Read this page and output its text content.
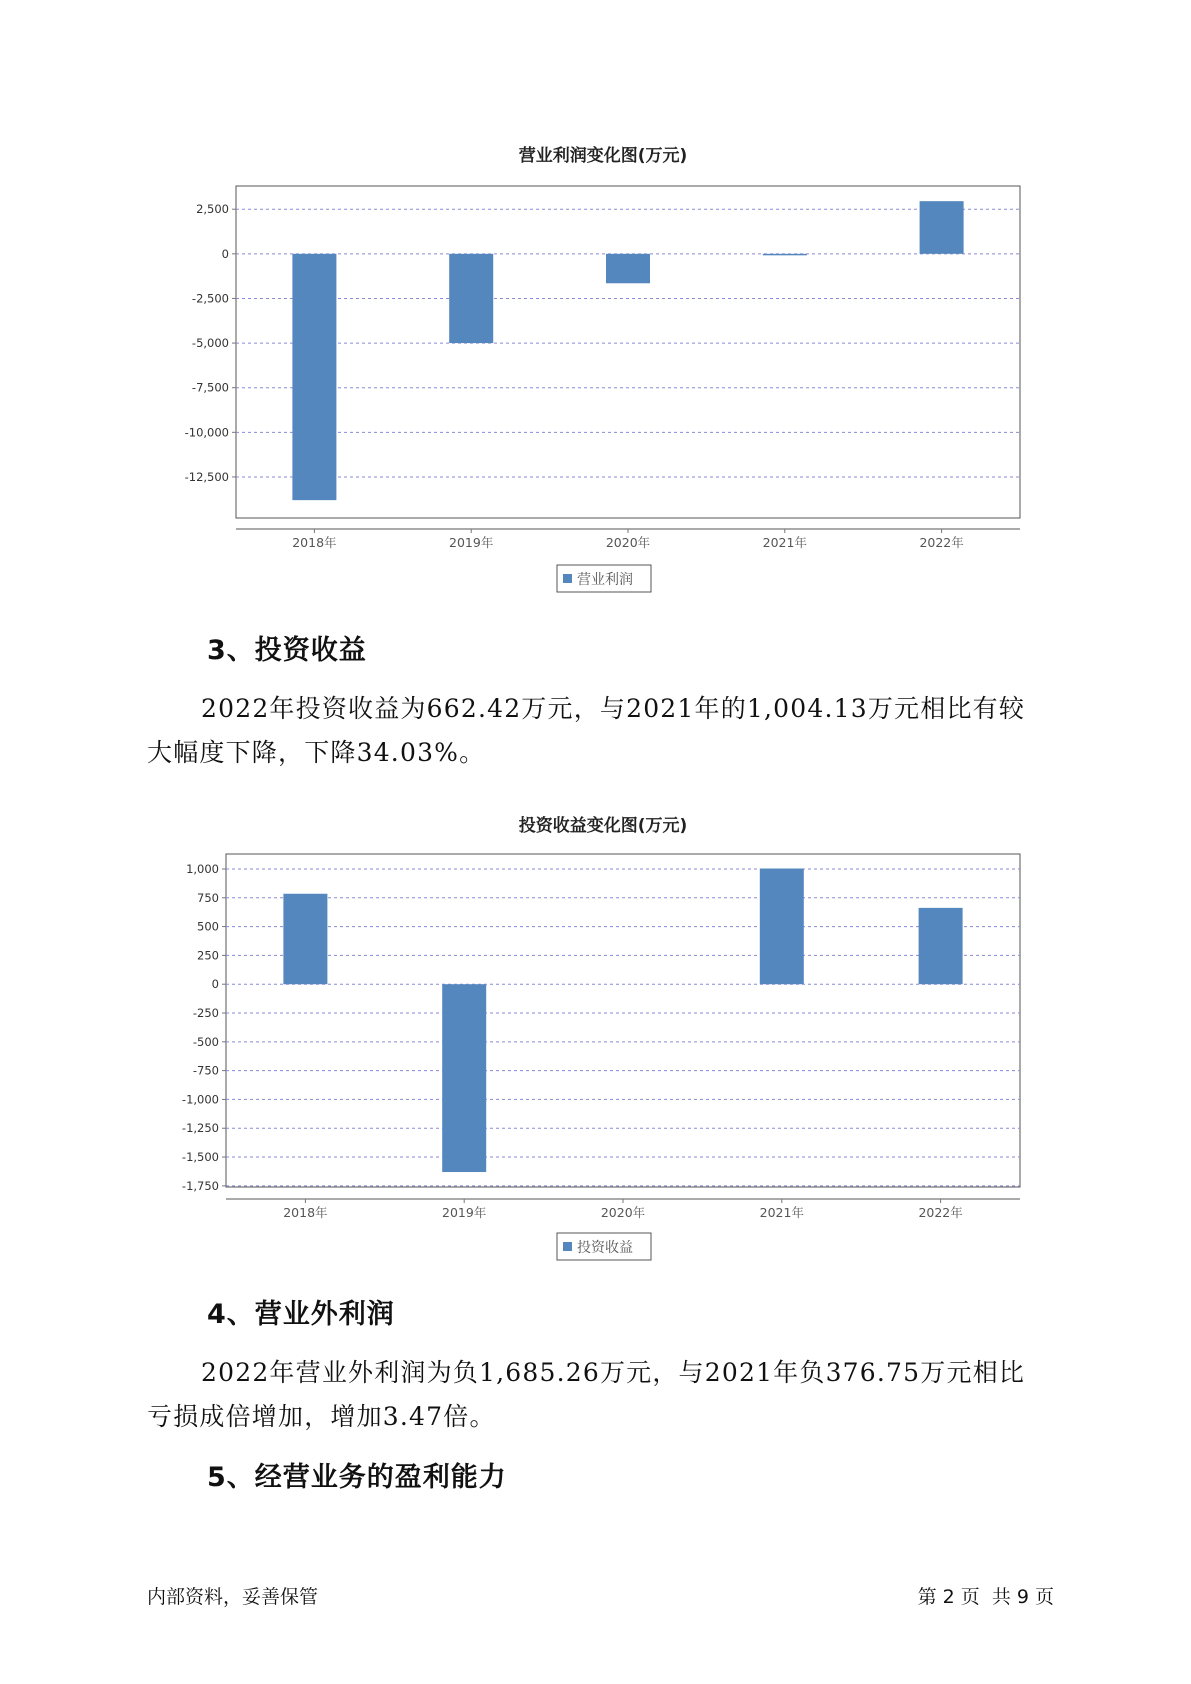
营业利润变化图(万元)
2,500
0
-2,500
-5,000
-7,500
-10,000
-12,500
2018年	2019年	2020年	2021年	2022年
营业利润
3、投资收益

2022年投资收益为662.42万元，与2021年的1,004.13万元相比有较大幅度下降，下降34.03%。

投资收益变化图(万元)
1,000
750
500
250
0
-250
-500
-750
-1,000
-1,250
-1,500
-1,750
2018年	2019年	2020年	2021年	2022年
投资收益
4、营业外利润

2022年营业外利润为负1,685.26万元，与2021年负376.75万元相比亏损成倍增加，增加3.47倍。

5、经营业务的盈利能力
内部资料，妥善保管	第 2 页  共 9 页
